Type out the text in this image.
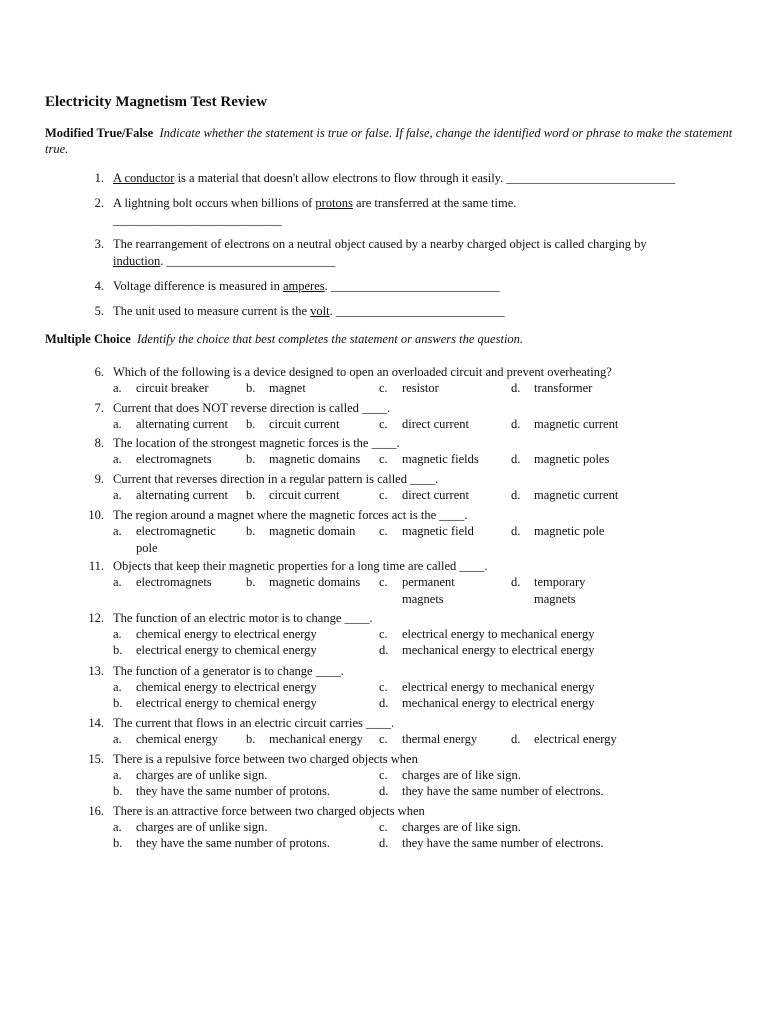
Electricity Magnetism Test Review
Modified True/False Indicate whether the statement is true or false. If false, change the identified word or phrase to make the statement true.
1. A conductor is a material that doesn't allow electrons to flow through it easily. ___________________________
2. A lightning bolt occurs when billions of protons are transferred at the same time.
___________________________
3. The rearrangement of electrons on a neutral object caused by a nearby charged object is called charging by
induction. ___________________________
4. Voltage difference is measured in amperes. ___________________________
5. The unit used to measure current is the volt. ___________________________
Multiple Choice Identify the choice that best completes the statement or answers the question.
6. Which of the following is a device designed to open an overloaded circuit and prevent overheating?
a. circuit breaker	b. magnet	c. resistor	d. transformer
7. Current that does NOT reverse direction is called ____.
a. alternating current b. circuit current	c. direct current	d. magnetic current
8. The location of the strongest magnetic forces is the ____.
a. electromagnets	b. magnetic domains c. magnetic fields	d. magnetic poles
9. Current that reverses direction in a regular pattern is called ____.
a. alternating current b. circuit current	c. direct current	d. magnetic current
10. The region around a magnet where the magnetic forces act is the ____.
a. electromagnetic
pole
b. magnetic domain c. magnetic field	d. magnetic pole
11. Objects that keep their magnetic properties for a long time are called ____.
a. electromagnets	b. magnetic domains c. permanent
magnets
d. temporary
magnets
12. The function of an electric motor is to change ____.
a. chemical energy to electrical energy
b. electrical energy to chemical energy
c. electrical energy to mechanical energy
d. mechanical energy to electrical energy
13. The function of a generator is to change ____.
a. chemical energy to electrical energy
b. electrical energy to chemical energy
c. electrical energy to mechanical energy
d. mechanical energy to electrical energy
14. The current that flows in an electric circuit carries ____.
a. chemical energy b. mechanical energy c. thermal energy	d. electrical energy
15. There is a repulsive force between two charged objects when
a. charges are of unlike sign.
b. they have the same number of protons.
c. charges are of like sign.
d. they have the same number of electrons.
16. There is an attractive force between two charged objects when
a. charges are of unlike sign.
b. they have the same number of protons.
c. charges are of like sign.
d. they have the same number of electrons.
